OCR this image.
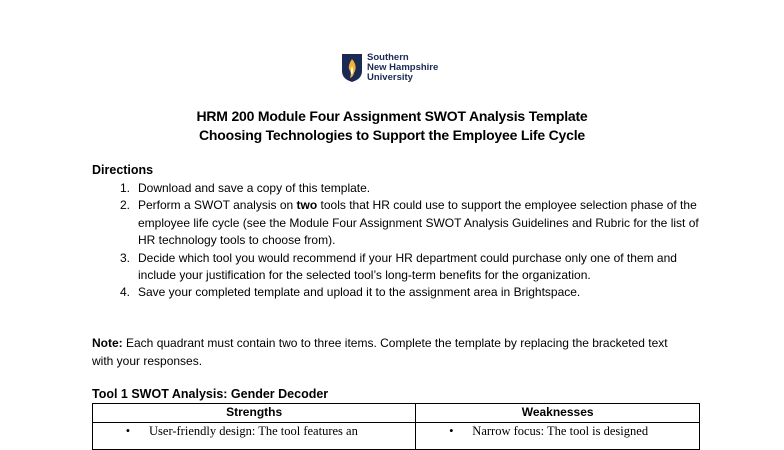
Southern
New Hampshire
University
HRM 200 Module Four Assignment SWOT Analysis Template
Choosing Technologies to Support the Employee Life Cycle
Directions
1. Download and save a copy of this template.
2. Perform a SWOT analysis on two tools that HR could use to support the employee selection phase of the employee life cycle (see the Module Four Assignment SWOT Analysis Guidelines and Rubric for the list of HR technology tools to choose from).
3. Decide which tool you would recommend if your HR department could purchase only one of them and include your justification for the selected tool’s long-term benefits for the organization.
4. Save your completed template and upload it to the assignment area in Brightspace.
Note: Each quadrant must contain two to three items. Complete the template by replacing the bracketed text with your responses.
Tool 1 SWOT Analysis: Gender Decoder
Strengths	Weaknesses

• User-friendly design: The tool features an	• Narrow focus: The tool is designed
